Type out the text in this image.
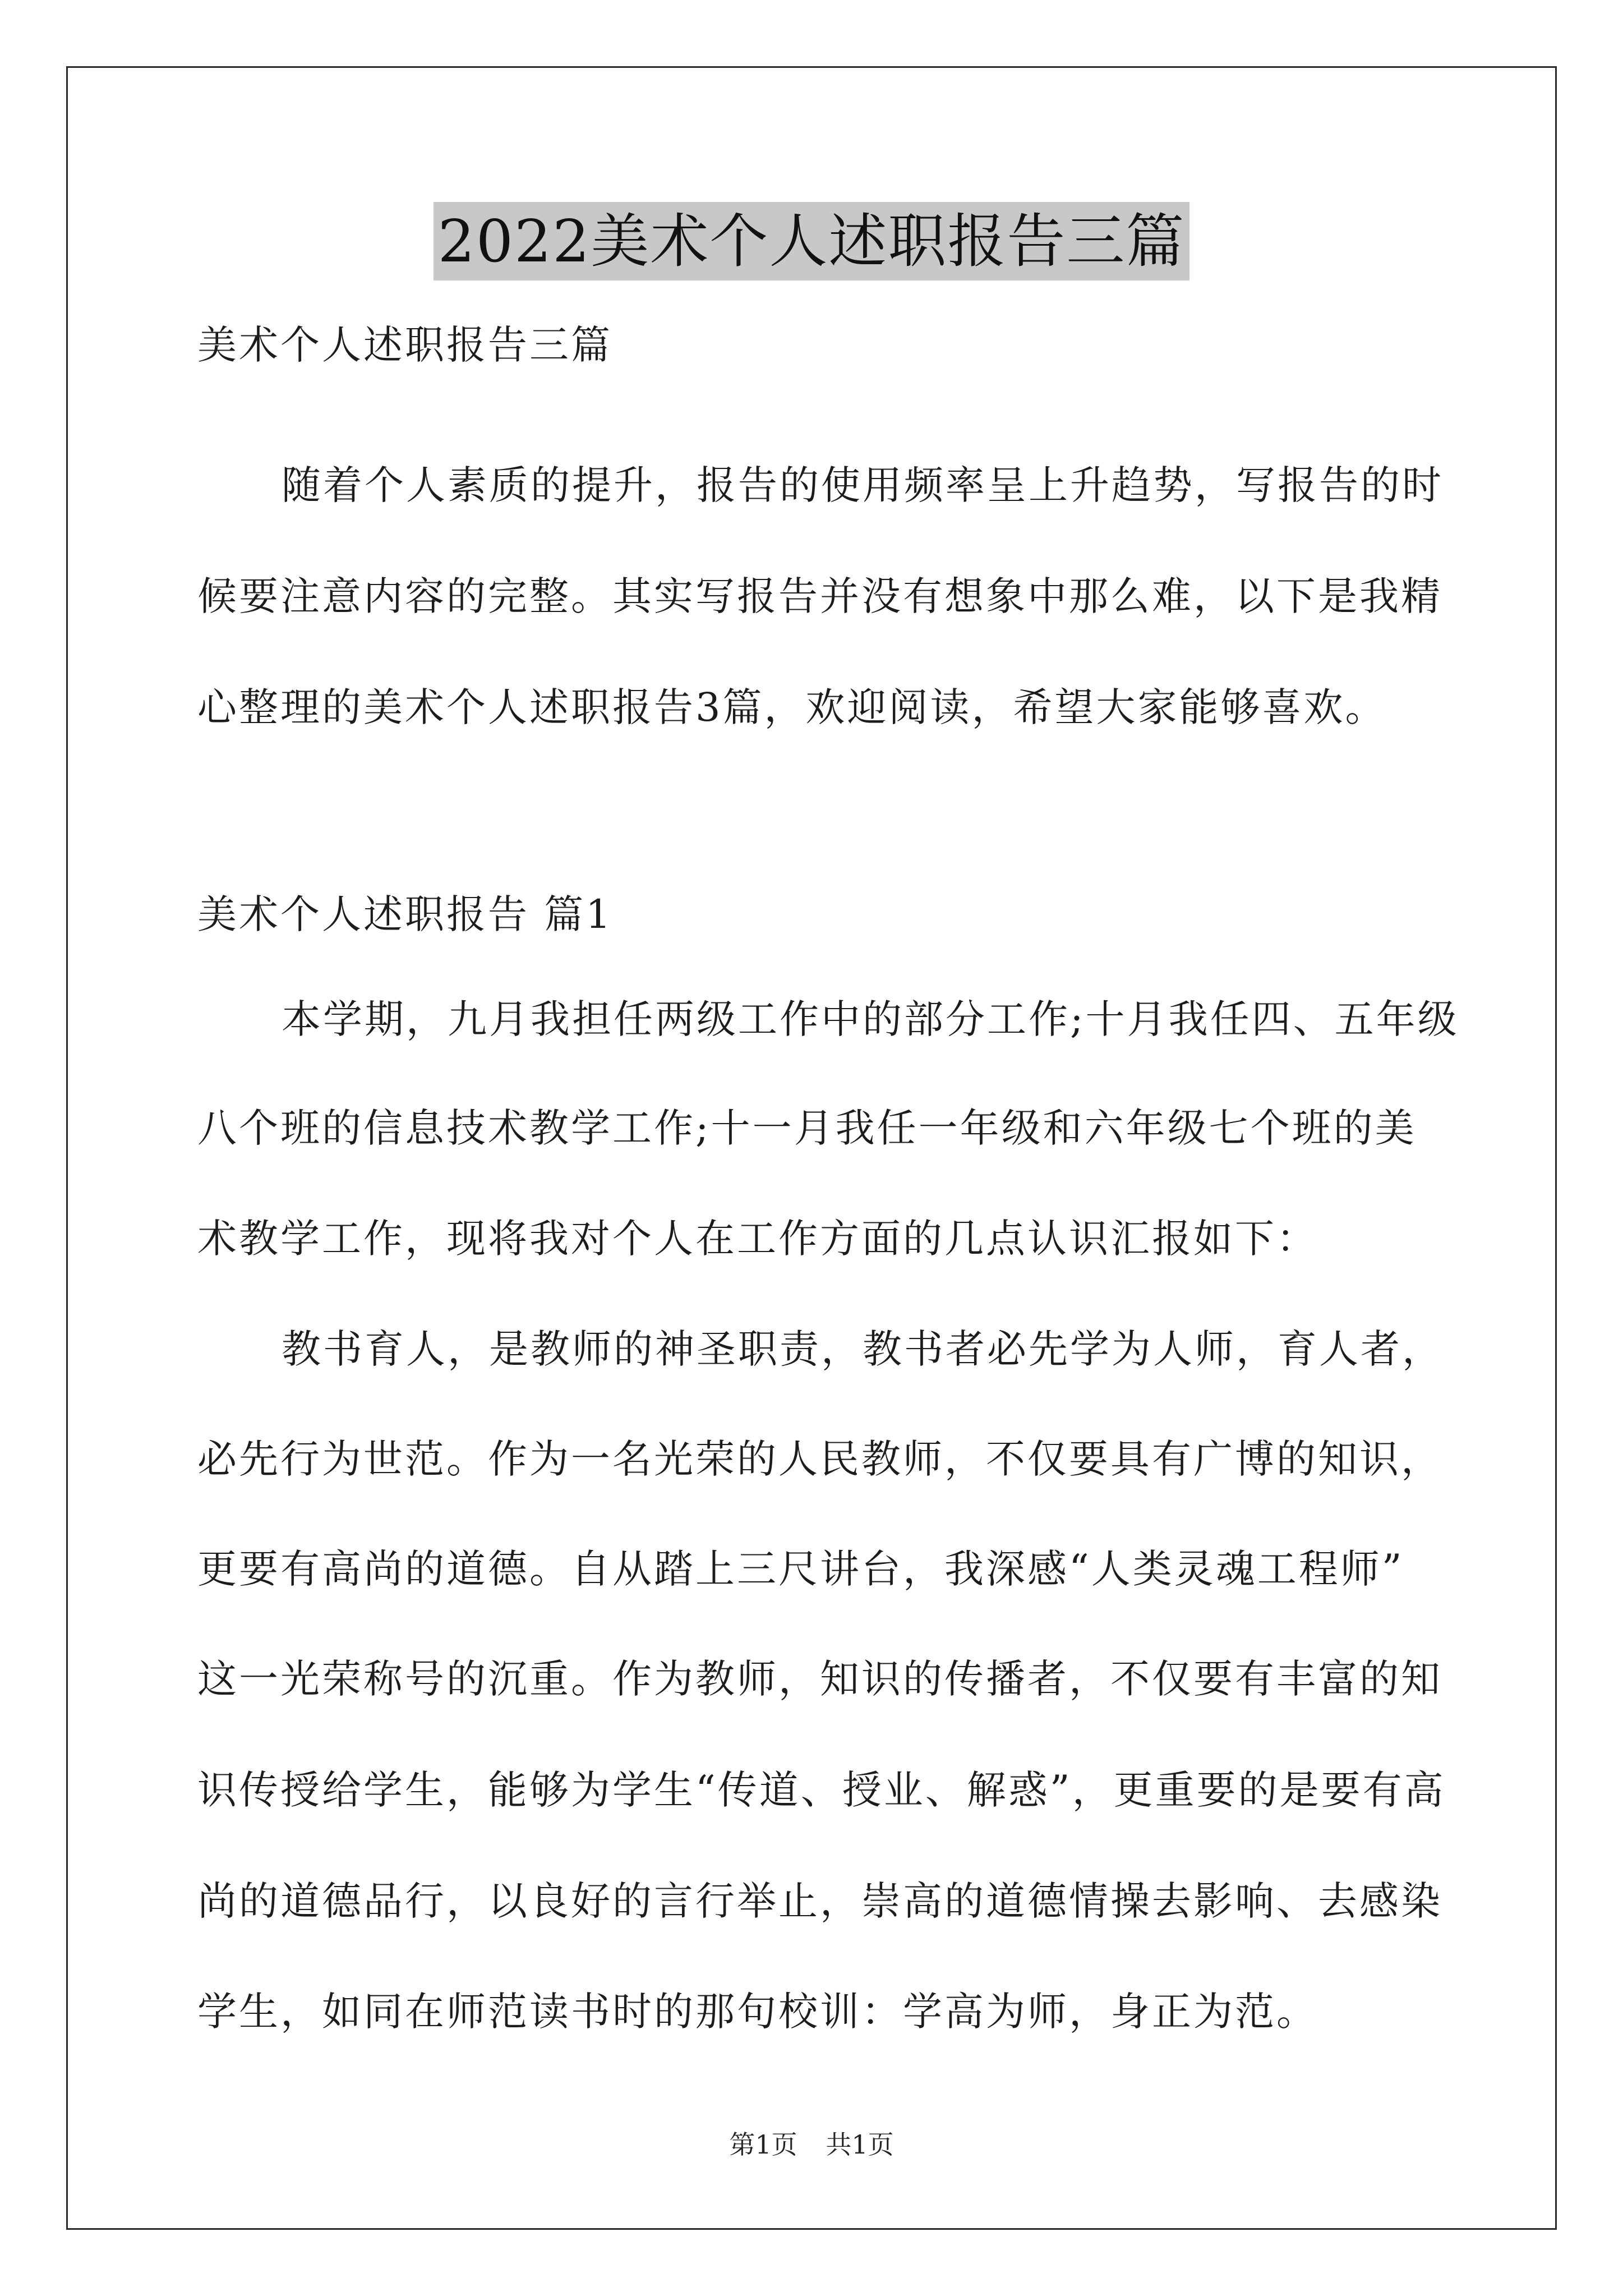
2022美术个人述职报告三篇
美术个人述职报告三篇
随着个人素质的提升，报告的使用频率呈上升趋势，写报告的时
候要注意内容的完整。其实写报告并没有想象中那么难，以下是我精
心整理的美术个人述职报告3篇，欢迎阅读，希望大家能够喜欢。
美术个人述职报告 篇1
本学期，九月我担任两级工作中的部分工作;十月我任四、五年级
八个班的信息技术教学工作;十一月我任一年级和六年级七个班的美
术教学工作，现将我对个人在工作方面的几点认识汇报如下：
教书育人，是教师的神圣职责，教书者必先学为人师，育人者，
必先行为世范。作为一名光荣的人民教师，不仅要具有广博的知识，
更要有高尚的道德。自从踏上三尺讲台，我深感“人类灵魂工程师”
这一光荣称号的沉重。作为教师，知识的传播者，不仅要有丰富的知
识传授给学生，能够为学生“传道、授业、解惑”，更重要的是要有高
尚的道德品行，以良好的言行举止，崇高的道德情操去影响、去感染
学生，如同在师范读书时的那句校训：学高为师，身正为范。
第1页 共1页
